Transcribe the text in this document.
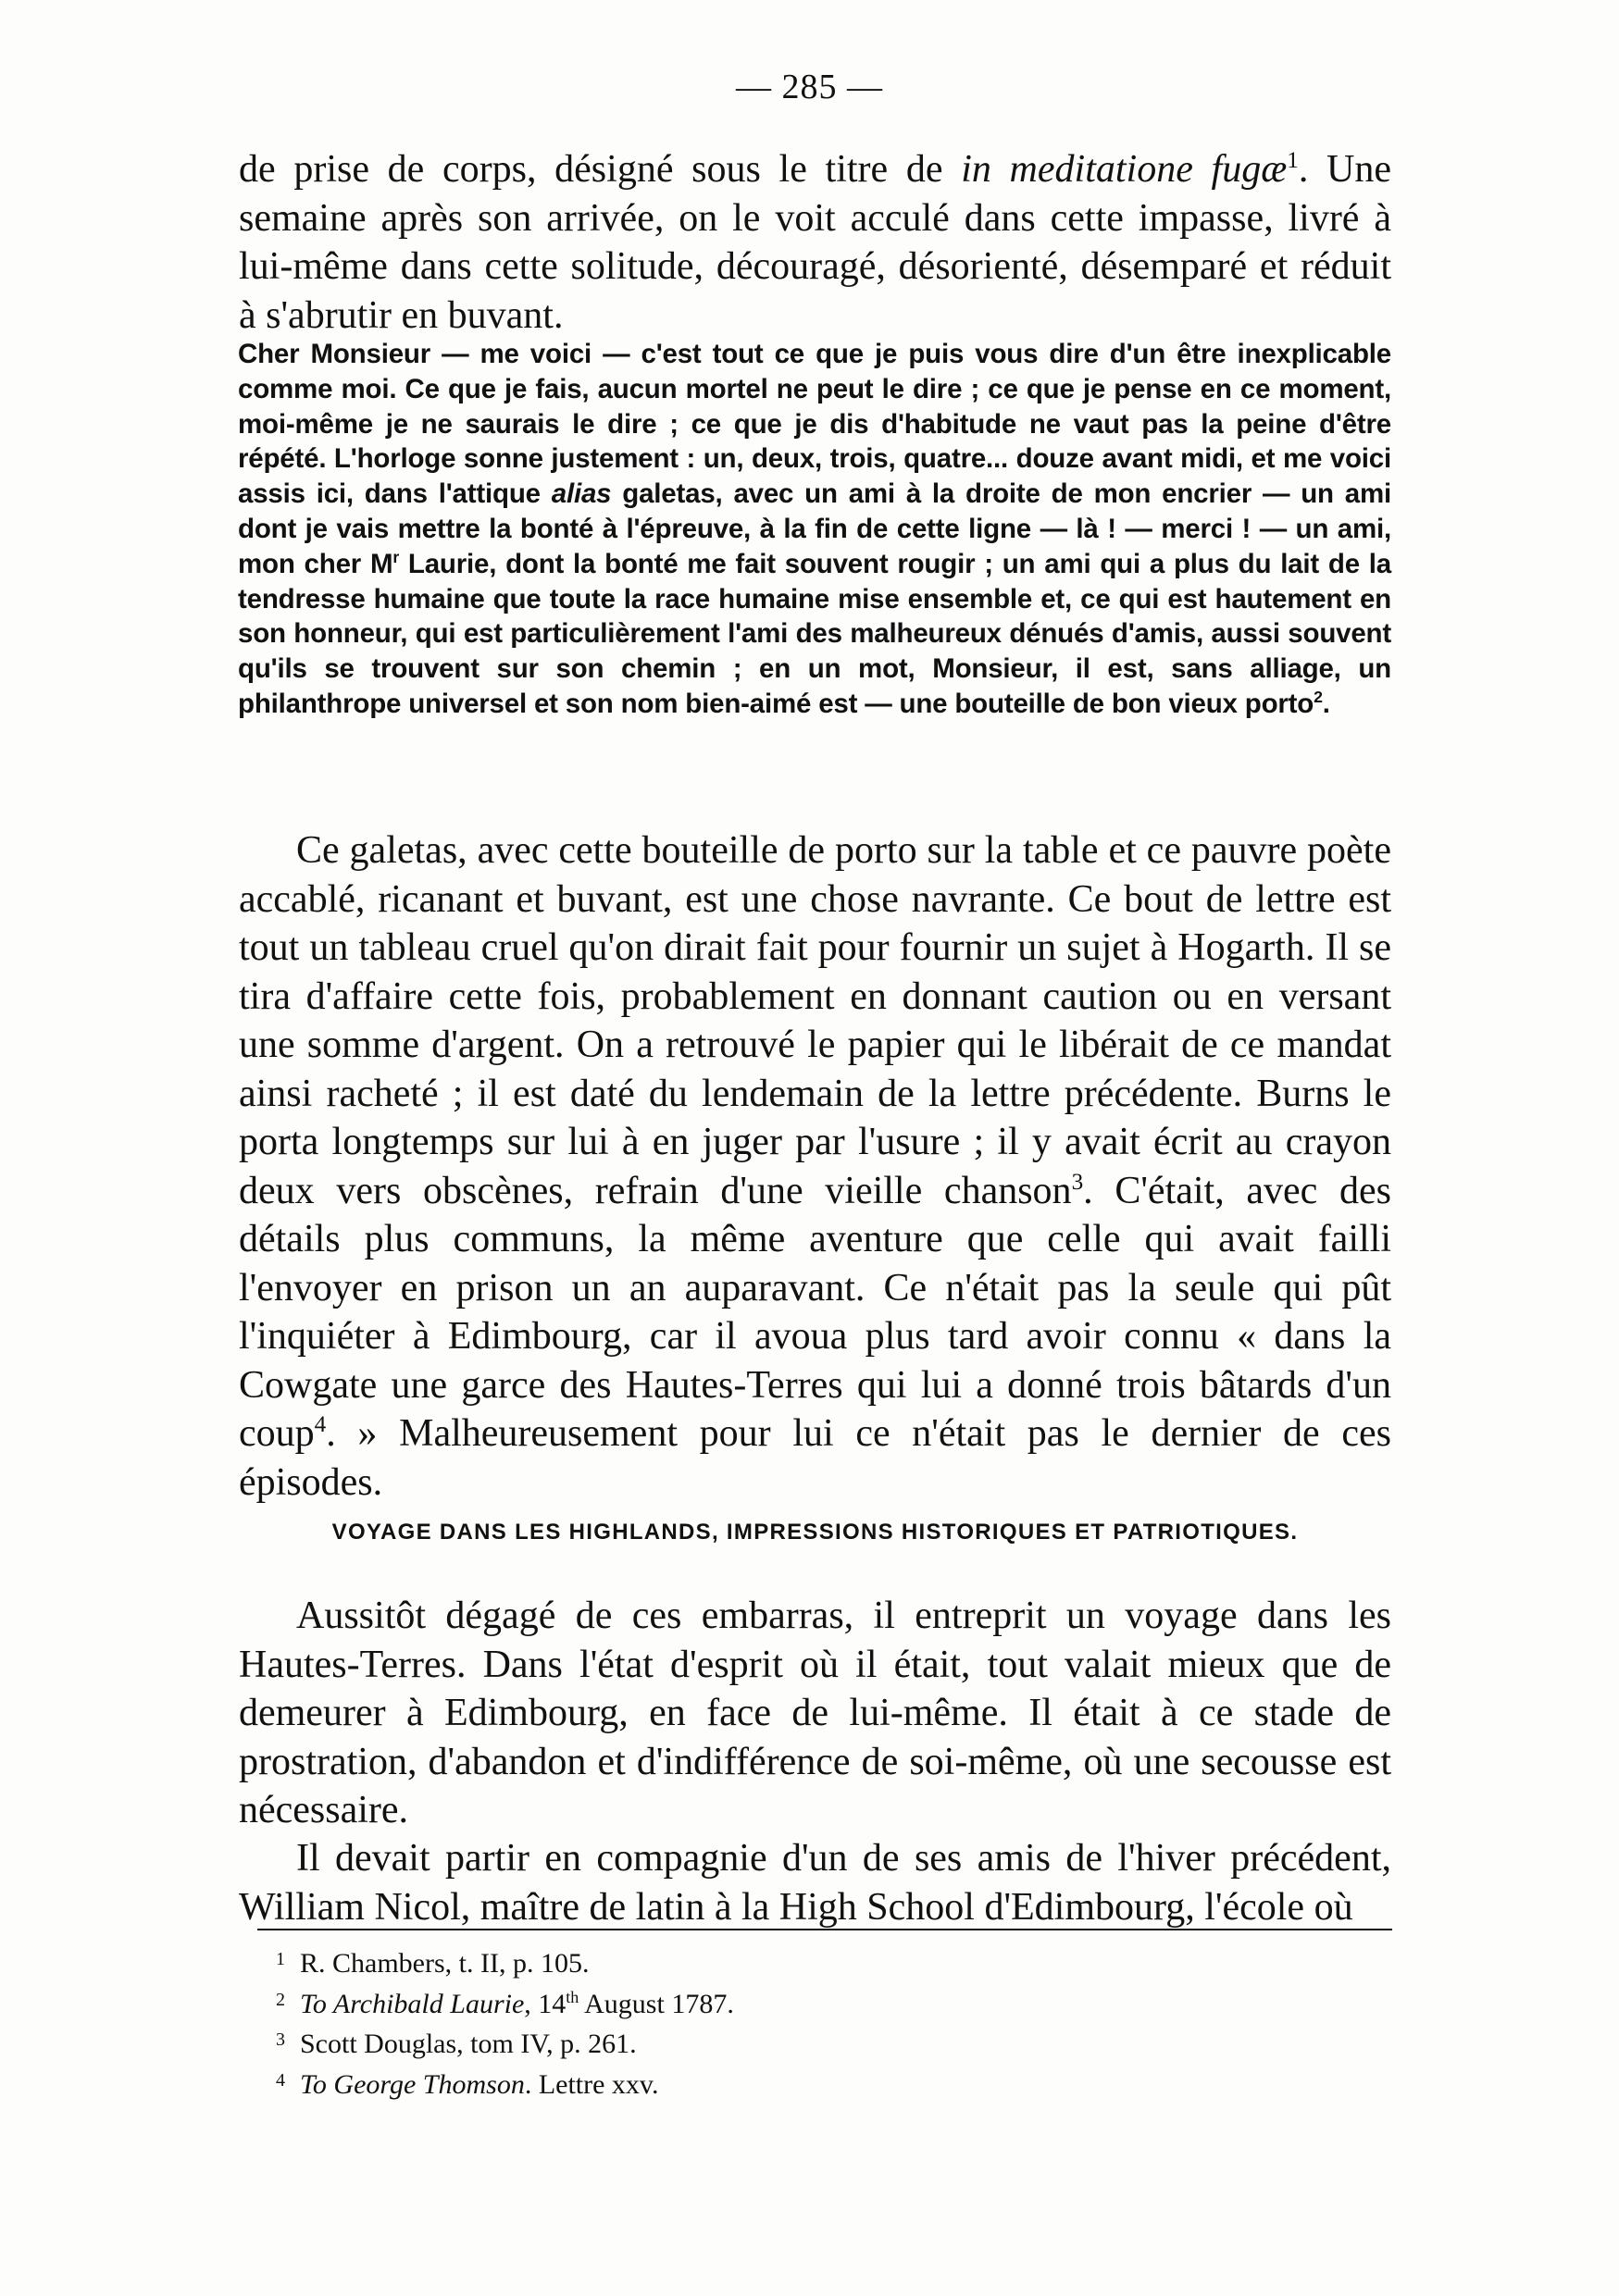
— 285 —

de prise de corps, désigné sous le titre de in meditatione fugæ$^1$. Une semaine après son arrivée, on le voit acculé dans cette impasse, livré à lui-même dans cette solitude, découragé, désorienté, désemparé et réduit à s'abrutir en buvant.

Cher Monsieur — me voici — c'est tout ce que je puis vous dire d'un être inexplicable comme moi. Ce que je fais, aucun mortel ne peut le dire ; ce que je pense en ce moment, moi-même je ne saurais le dire ; ce que je dis d'habitude ne vaut pas la peine d'être répété. L'horloge sonne justement : un, deux, trois, quatre... douze avant midi, et me voici assis ici, dans l'attique alias galetas, avec un ami à la droite de mon encrier — un ami dont je vais mettre la bonté à l'épreuve, à la fin de cette ligne — là ! — merci ! — un ami, mon cher $M^r$ Laurie, dont la bonté me fait souvent rougir ; un ami qui a plus du lait de la tendresse humaine que toute la race humaine mise ensemble et, ce qui est hautement en son honneur, qui est particulièrement l'ami des malheureux dénués d'amis, aussi souvent qu'ils se trouvent sur son chemin ; en un mot, Monsieur, il est, sans alliage, un philanthrope universel et son nom bien-aimé est — une bouteille de bon vieux porto$^2$.

Ce galetas, avec cette bouteille de porto sur la table et ce pauvre poète accablé, ricanant et buvant, est une chose navrante. Ce bout de lettre est tout un tableau cruel qu'on dirait fait pour fournir un sujet à Hogarth. Il se tira d'affaire cette fois, probablement en donnant caution ou en versant une somme d'argent. On a retrouvé le papier qui le libérait de ce mandat ainsi racheté ; il est daté du lendemain de la lettre précédente. Burns le porta longtemps sur lui à en juger par l'usure ; il y avait écrit au crayon deux vers obscènes, refrain d'une vieille chanson$^3$. C'était, avec des détails plus communs, la même aventure que celle qui avait failli l'envoyer en prison un an auparavant. Ce n'était pas la seule qui pût l'inquiéter à Edimbourg, car il avoua plus tard avoir connu « dans la Cowgate une garce des Hautes-Terres qui lui a donné trois bâtards d'un coup$^4$. » Malheureusement pour lui ce n'était pas le dernier de ces épisodes.

VOYAGE DANS LES HIGHLANDS, IMPRESSIONS HISTORIQUES ET PATRIOTIQUES.

Aussitôt dégagé de ces embarras, il entreprit un voyage dans les Hautes-Terres. Dans l'état d'esprit où il était, tout valait mieux que de demeurer à Edimbourg, en face de lui-même. Il était à ce stade de prostration, d'abandon et d'indifférence de soi-même, où une secousse est nécessaire.

Il devait partir en compagnie d'un de ses amis de l'hiver précédent, William Nicol, maître de latin à la High School d'Edimbourg, l'école où

1 R. Chambers, t. II, p. 105.
2 To Archibald Laurie, 14th August 1787.
3 Scott Douglas, tom IV, p. 261.
4 To George Thomson. Lettre xxv.
